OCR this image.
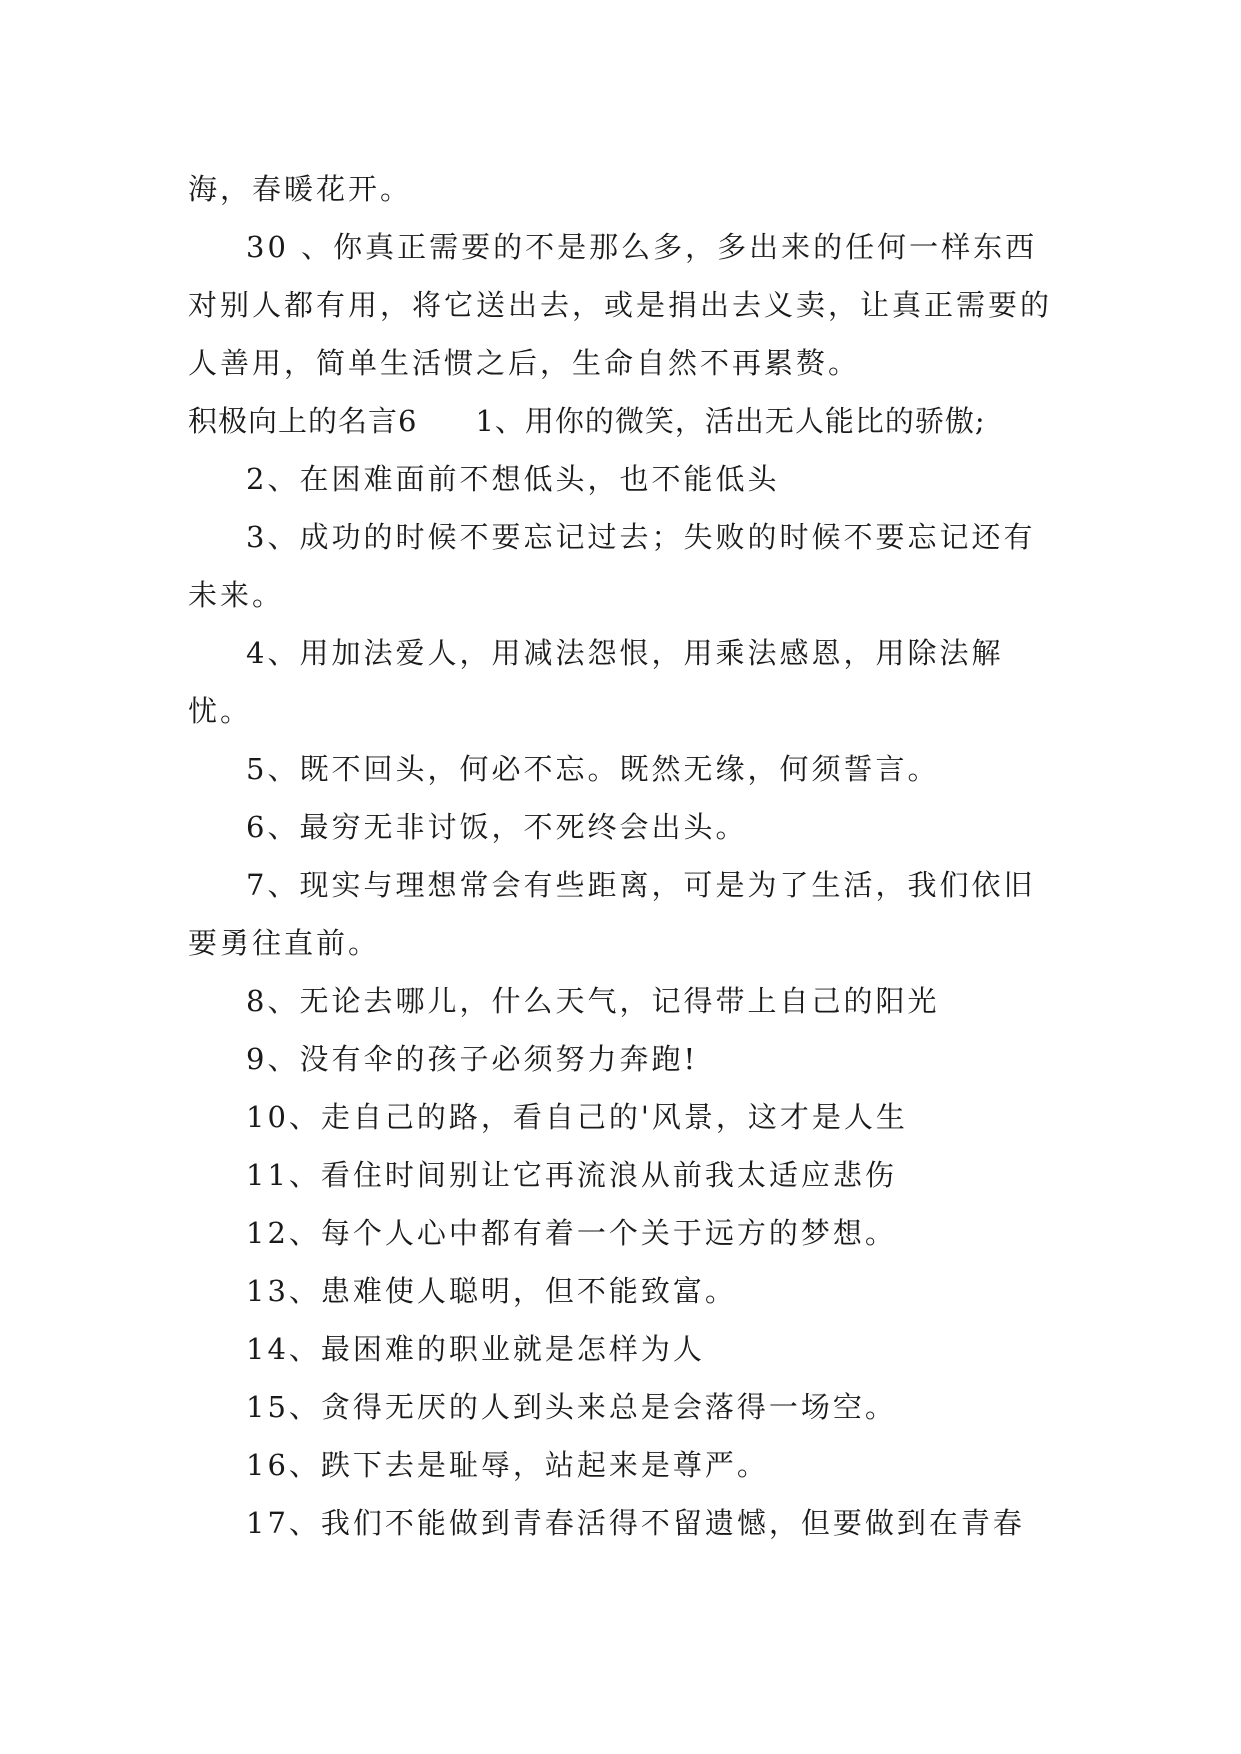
海，春暖花开。

30 、你真正需要的不是那么多，多出来的任何一样东西对别人都有用，将它送出去，或是捐出去义卖，让真正需要的人善用，简单生活惯之后，生命自然不再累赘。

积极向上的名言6 1、用你的微笑，活出无人能比的骄傲;

2、在困难面前不想低头，也不能低头

3、成功的时候不要忘记过去；失败的时候不要忘记还有未来。

4、用加法爱人，用减法怨恨，用乘法感恩，用除法解忧。

5、既不回头，何必不忘。既然无缘，何须誓言。

6、最穷无非讨饭，不死终会出头。

7、现实与理想常会有些距离，可是为了生活，我们依旧要勇往直前。

8、无论去哪儿，什么天气，记得带上自己的阳光

9、没有伞的孩子必须努力奔跑!

10、走自己的路，看自己的'风景，这才是人生

11、看住时间别让它再流浪从前我太适应悲伤

12、每个人心中都有着一个关于远方的梦想。

13、患难使人聪明，但不能致富。

14、最困难的职业就是怎样为人

15、贪得无厌的人到头来总是会落得一场空。

16、跌下去是耻辱，站起来是尊严。

17、我们不能做到青春活得不留遗憾，但要做到在青春
